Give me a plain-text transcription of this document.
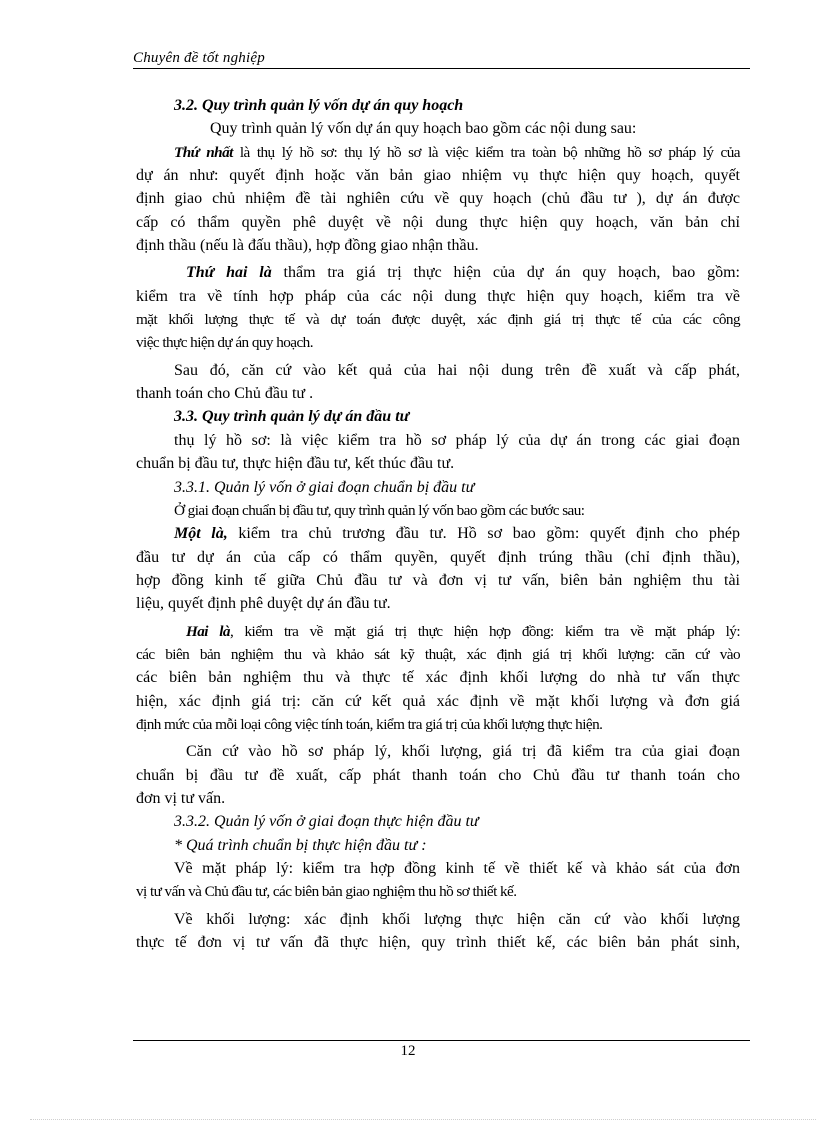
Chuyên đề tốt nghiệp
3.2. Quy trình quản lý vốn dự án quy hoạch
Quy trình quản lý vốn dự án quy hoạch bao gồm các nội dung sau:
Thứ nhất là thụ lý hồ sơ: thụ lý hồ sơ là việc kiểm tra toàn bộ những hồ sơ pháp lý của
dự án như: quyết định hoặc văn bản giao nhiệm vụ thực hiện quy hoạch, quyết
định giao chủ nhiệm đề tài nghiên cứu về quy hoạch (chủ đầu tư ), dự án được
cấp có thẩm quyền phê duyệt về nội dung thực hiện quy hoạch, văn bản chỉ
định thầu (nếu là đấu thầu), hợp đồng giao nhận thầu.
Thứ hai là thẩm tra giá trị thực hiện của dự án quy hoạch, bao gồm:
kiểm tra về tính hợp pháp của các nội dung thực hiện quy hoạch, kiểm tra về
mặt khối lượng thực tế và dự toán được duyệt, xác định giá trị thực tế của các công
việc thực hiện dự án quy hoạch.
Sau đó, căn cứ vào kết quả của hai nội dung trên đề xuất và cấp phát,
thanh toán cho Chủ đầu tư .
3.3. Quy trình quản lý dự án đầu tư
thụ lý hồ sơ: là việc kiểm tra hồ sơ pháp lý của dự án trong các giai đoạn
chuẩn bị đầu tư, thực hiện đầu tư, kết thúc đầu tư.
3.3.1. Quản lý vốn ở giai đoạn chuẩn bị đầu tư
Ở giai đoạn chuẩn bị đầu tư, quy trình quản lý vốn bao gồm các bước sau:
Một là, kiểm tra chủ trương đầu tư. Hồ sơ bao gồm: quyết định cho phép
đầu tư dự án của cấp có thẩm quyền, quyết định trúng thầu (chỉ định thầu),
hợp đồng kinh tế giữa Chủ đầu tư và đơn vị tư vấn, biên bản nghiệm thu tài
liệu, quyết định phê duyệt dự án đầu tư.
Hai là, kiểm tra về mặt giá trị thực hiện hợp đồng: kiểm tra về mặt pháp lý:
các biên bản nghiệm thu và khảo sát kỹ thuật, xác định giá trị khối lượng: căn cứ vào
các biên bản nghiệm thu và thực tế xác định khối lượng do nhà tư vấn thực
hiện, xác định giá trị: căn cứ kết quả xác định về mặt khối lượng và đơn giá
định mức của mỗi loại công việc tính toán, kiểm tra giá trị của khối lượng thực hiện.
Căn cứ vào hồ sơ pháp lý, khối lượng, giá trị đã kiểm tra của giai đoạn
chuẩn bị đầu tư đề xuất, cấp phát thanh toán cho Chủ đầu tư thanh toán cho
đơn vị tư vấn.
3.3.2. Quản lý vốn ở giai đoạn thực hiện đầu tư
* Quá trình chuẩn bị thực hiện đầu tư :
Về mặt pháp lý: kiểm tra hợp đồng kinh tế về thiết kế và khảo sát của đơn
vị tư vấn và Chủ đầu tư, các biên bản giao nghiệm thu hồ sơ thiết kế.
Về khối lượng: xác định khối lượng thực hiện căn cứ vào khối lượng
thực tế đơn vị tư vấn đã thực hiện, quy trình thiết kế, các biên bản phát sinh,
12
